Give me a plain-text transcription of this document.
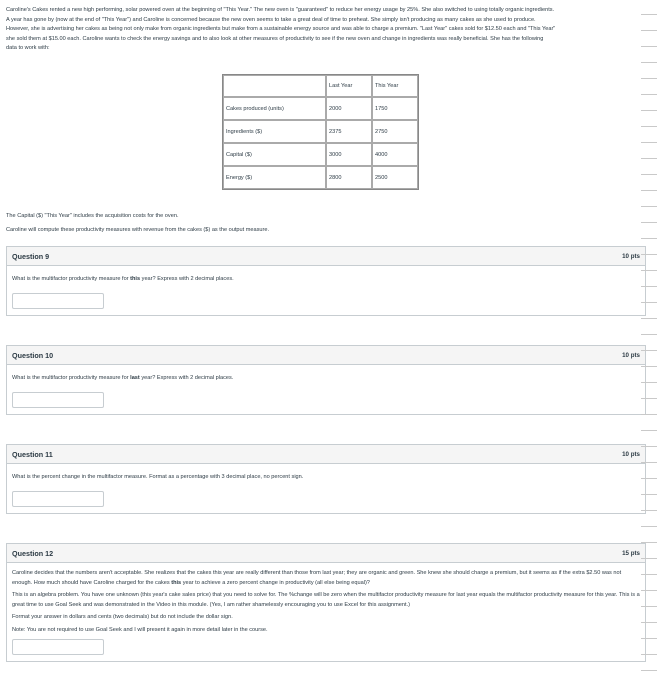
Caroline's Cakes rented a new high performing, solar powered oven at the beginning of "This Year." The new oven is "guaranteed" to reduce her energy usage by 25%. She also switched to using totally organic ingredients.

A year has gone by (now at the end of "This Year") and Caroline is concerned because the new oven seems to take a great deal of time to preheat. She simply isn't producing as many cakes as she used to produce.

However, she is advertising her cakes as being not only make from organic ingredients but make from a sustainable energy source and was able to charge a premium. "Last Year" cakes sold for $12.50 each and "This Year"

she sold them at $15.00 each. Caroline wants to check the energy savings and to also look at other measures of productivity to see if the new oven and change in ingredients was really beneficial. She has the following

data to work with:

	Last Year	This Year
Cakes produced (units)	2000	1750
Ingredients ($)	2375	2750
Capital ($)	3000	4000
Energy ($)	2800	2500

The Capital ($) "This Year" includes the acquisition costs for the oven.

Caroline will compute these productivity measures with revenue from the cakes ($) as the output measure.

Question 9	10 pts

What is the multifactor productivity measure for this year? Express with 2 decimal places.

Question 10	10 pts

What is the multifactor productivity measure for last year? Express with 2 decimal places.

Question 11	10 pts

What is the percent change in the multifactor measure. Format as a percentage with 3 decimal place, no percent sign.

Question 12	15 pts

Caroline decides that the numbers aren't acceptable. She realizes that the cakes this year are really different than those from last year; they are organic and green. She knew she should charge a premium, but it seems as if the extra $2.50 was not enough. How much should have Caroline charged for the cakes this year to achieve a zero percent change in productivity (all else being equal)?

This is an algebra problem. You have one unknown (this year's cake sales price) that you need to solve for. The %change will be zero when the multifactor productivity measure for last year equals the multifactor productivity measure for this year. This is a great time to use Goal Seek and was demonstrated in the Video in this module. (Yes, I am rather shamelessly encouraging you to use Excel for this assignment.)

Format your answer in dollars and cents (two decimals) but do not include the dollar sign.

Note: You are not required to use Goal Seek and I will present it again in more detail later in the course.
